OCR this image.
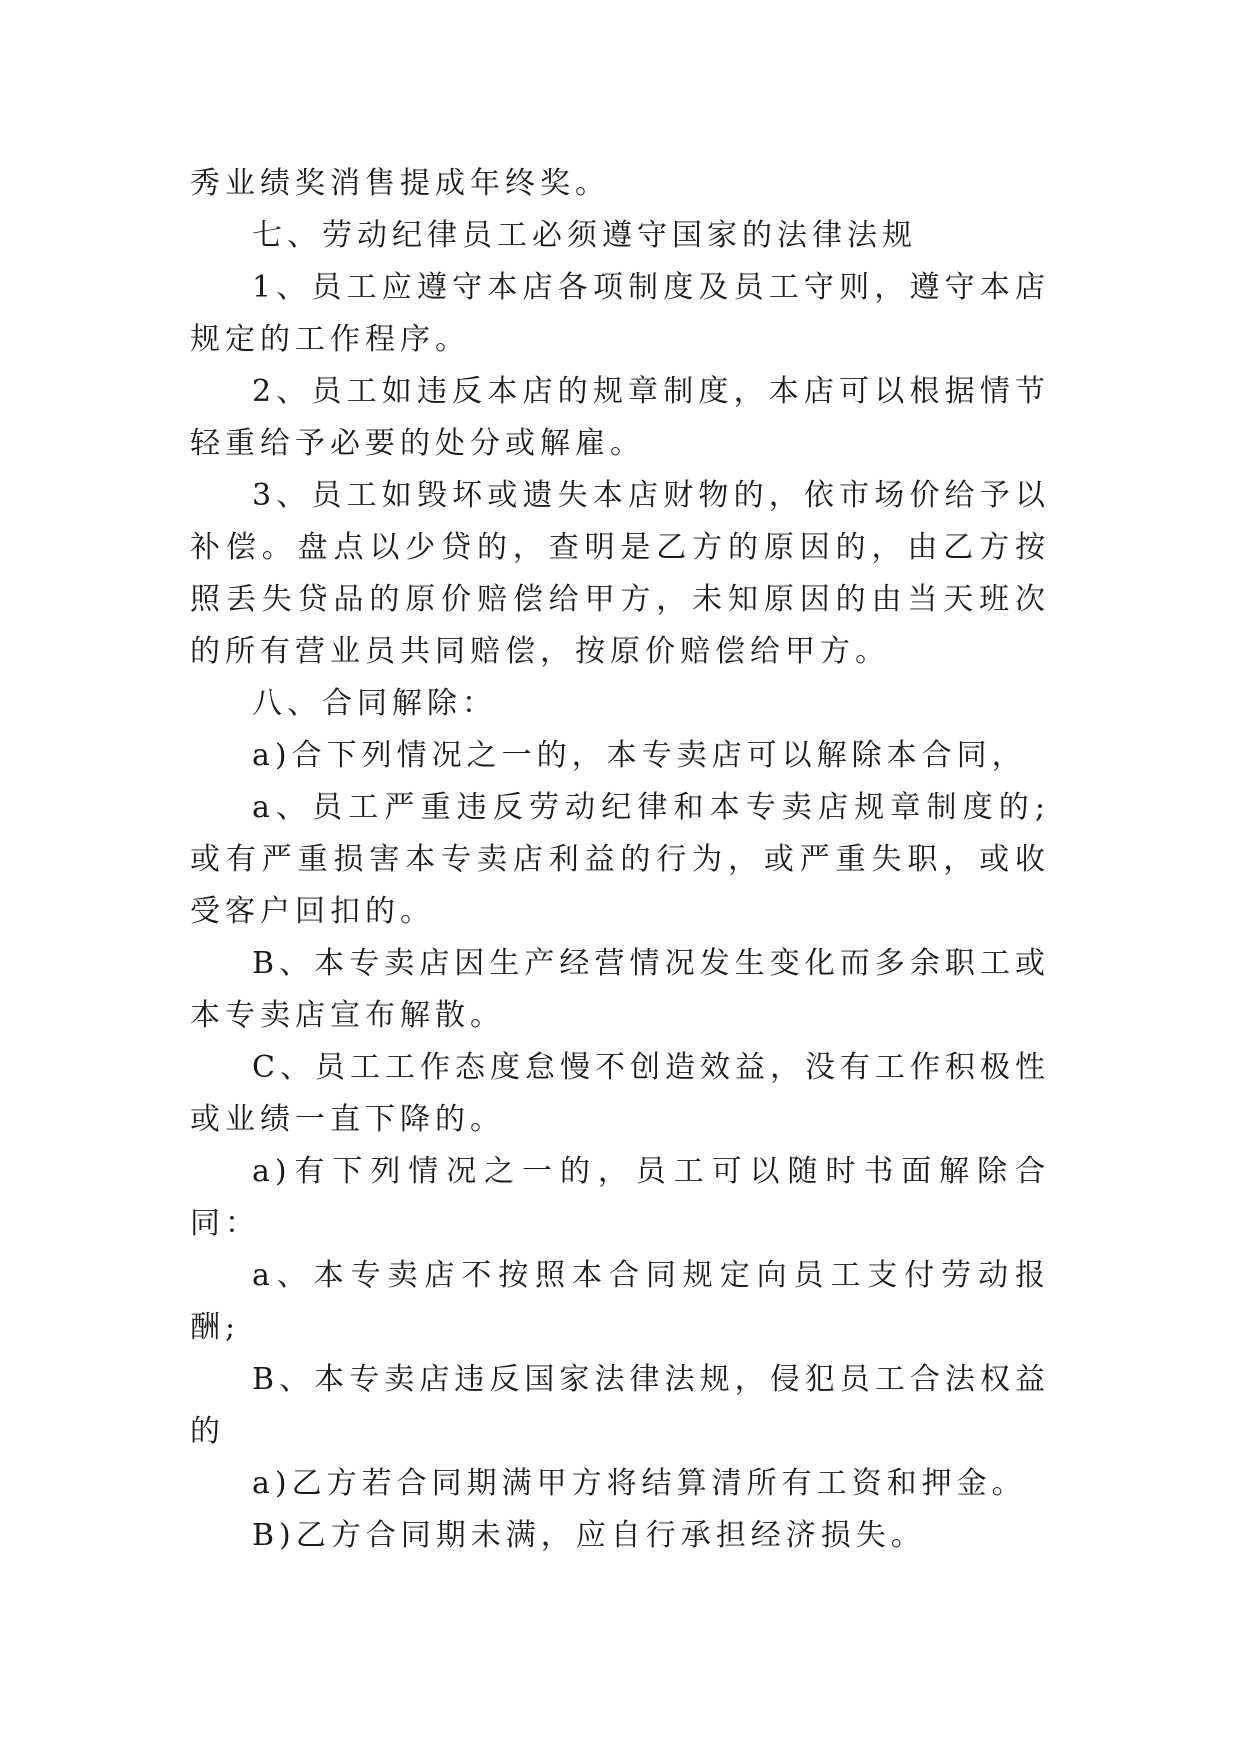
秀业绩奖消售提成年终奖。

七、劳动纪律员工必须遵守国家的法律法规

1、员工应遵守本店各项制度及员工守则，遵守本店规定的工作程序。

2、员工如违反本店的规章制度，本店可以根据情节轻重给予必要的处分或解雇。

3、员工如毁坏或遗失本店财物的，依市场价给予以补偿。盘点以少贷的，查明是乙方的原因的，由乙方按照丢失贷品的原价赔偿给甲方，未知原因的由当天班次的所有营业员共同赔偿，按原价赔偿给甲方。

八、合同解除：

a)合下列情况之一的，本专卖店可以解除本合同，

a、员工严重违反劳动纪律和本专卖店规章制度的;或有严重损害本专卖店利益的行为，或严重失职，或收受客户回扣的。

B、本专卖店因生产经营情况发生变化而多余职工或本专卖店宣布解散。

C、员工工作态度怠慢不创造效益，没有工作积极性或业绩一直下降的。

a)有下列情况之一的，员工可以随时书面解除合同：

a、本专卖店不按照本合同规定向员工支付劳动报酬;

B、本专卖店违反国家法律法规，侵犯员工合法权益的

a)乙方若合同期满甲方将结算清所有工资和押金。

B)乙方合同期未满，应自行承担经济损失。
